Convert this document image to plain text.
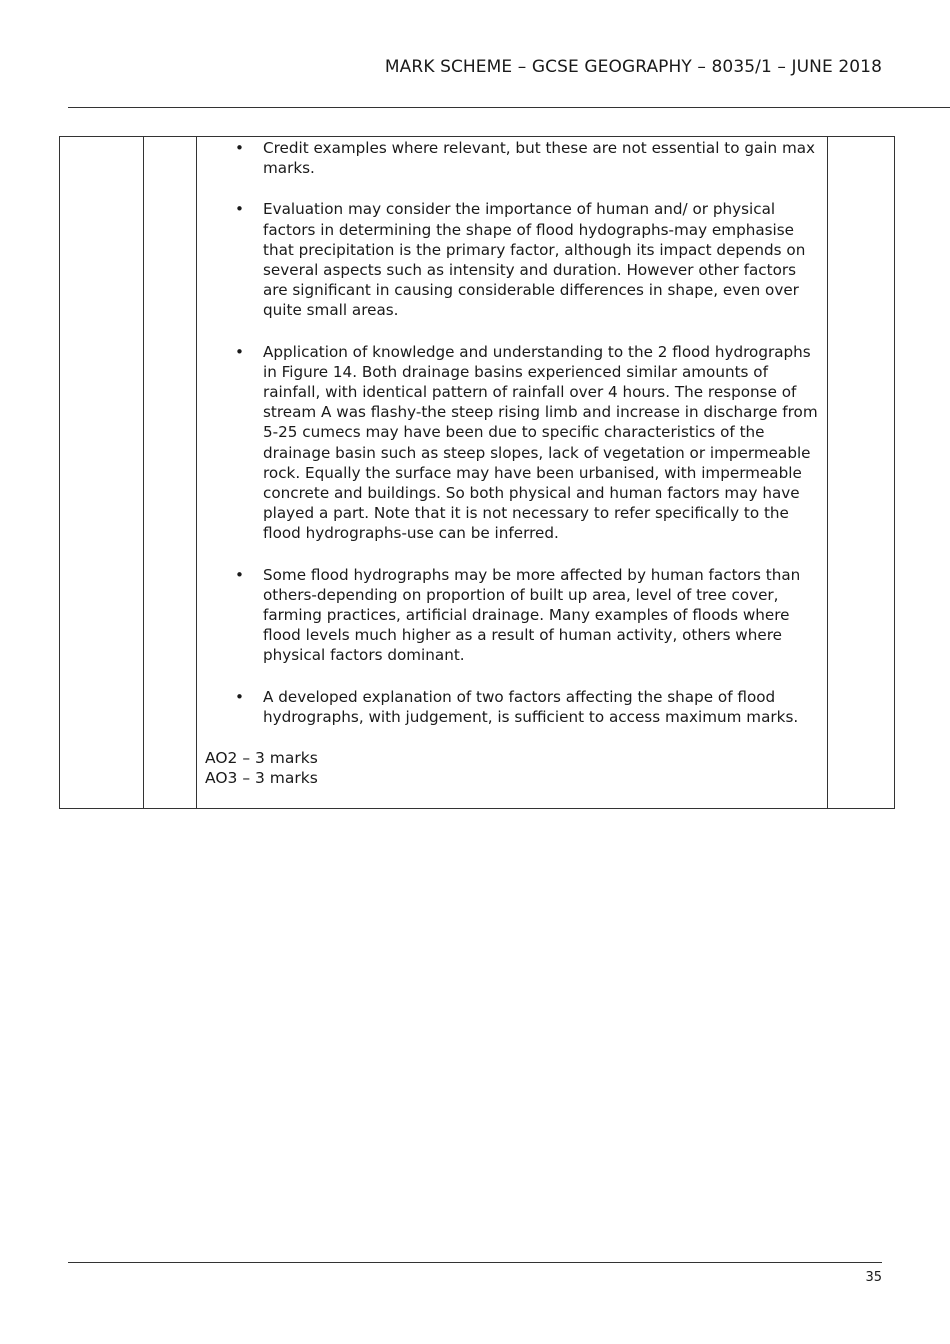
MARK SCHEME – GCSE GEOGRAPHY – 8035/1 – JUNE 2018

• Credit examples where relevant, but these are not essential to gain max marks.
• Evaluation may consider the importance of human and/ or physical factors in determining the shape of flood hydographs-may emphasise that precipitation is the primary factor, although its impact depends on several aspects such as intensity and duration. However other factors are significant in causing considerable differences in shape, even over quite small areas.
• Application of knowledge and understanding to the 2 flood hydrographs in Figure 14. Both drainage basins experienced similar amounts of rainfall, with identical pattern of rainfall over 4 hours. The response of stream A was flashy-the steep rising limb and increase in discharge from 5-25 cumecs may have been due to specific characteristics of the drainage basin such as steep slopes, lack of vegetation or impermeable rock. Equally the surface may have been urbanised, with impermeable concrete and buildings. So both physical and human factors may have played a part. Note that it is not necessary to refer specifically to the flood hydrographs-use can be inferred.
• Some flood hydrographs may be more affected by human factors than others-depending on proportion of built up area, level of tree cover, farming practices, artificial drainage. Many examples of floods where flood levels much higher as a result of human activity, others where physical factors dominant.
• A developed explanation of two factors affecting the shape of flood hydrographs, with judgement, is sufficient to access maximum marks.
AO2 – 3 marks
AO3 – 3 marks

35
